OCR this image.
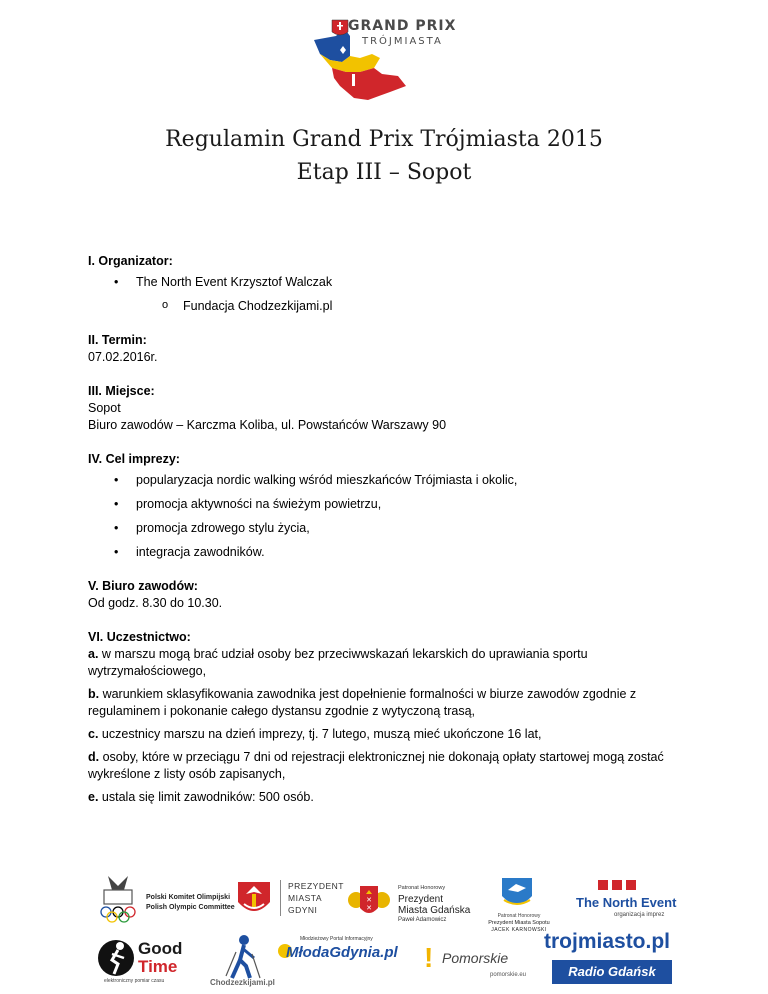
GRAND PRIX
TRÓJMIASTA
Regulamin Grand Prix Trójmiasta 2015
Etap III – Sopot

I. Organizator:

• The North Event Krzysztof Walczak

o Fundacja Chodzezkijami.pl

II. Termin:

07.02.2016r.

III. Miejsce:

Sopot

Biuro zawodów – Karczma Koliba, ul. Powstańców Warszawy 90

IV. Cel imprezy:

• popularyzacja nordic walking wśród mieszkańców Trójmiasta i okolic,

• promocja aktywności na świeżym powietrzu,

• promocja zdrowego stylu życia,

• integracja zawodników.

V. Biuro zawodów:

Od godz. 8.30 do 10.30.

VI. Uczestnictwo:

a. w marszu mogą brać udział osoby bez przeciwwskazań lekarskich do uprawiania sportu wytrzymałościowego,

b. warunkiem sklasyfikowania zawodnika jest dopełnienie formalności w biurze zawodów zgodnie z regulaminem i pokonanie całego dystansu zgodnie z wytyczoną trasą,

c. uczestnicy marszu na dzień imprezy, tj. 7 lutego, muszą mieć ukończone 16 lat,

d. osoby, które w przeciągu 7 dni od rejestracji elektronicznej nie dokonają opłaty startowej mogą zostać wykreślone z listy osób zapisanych,

e. ustala się limit zawodników: 500 osób.

Polski Komitet Olimpijski
Polish Olympic Committee
PREZYDENT
MIASTA
GDYNI
✕
✕
Patronat Honorowy
Prezydent
Miasta Gdańska
Paweł Adamowicz
Patronat Honorowy
Prezydent Miasta Sopotu
JACEK KARNOWSKI
The North Event
organizacja imprez
Good
Time
elektroniczny pomiar czasu	Chodzezkijami.pl
Młodzieżowy Portal Informacyjny
MłodaGdynia.pl ! Pomorskie
pomorskie.eu
trojmiasto.pl
Radio Gdańsk
